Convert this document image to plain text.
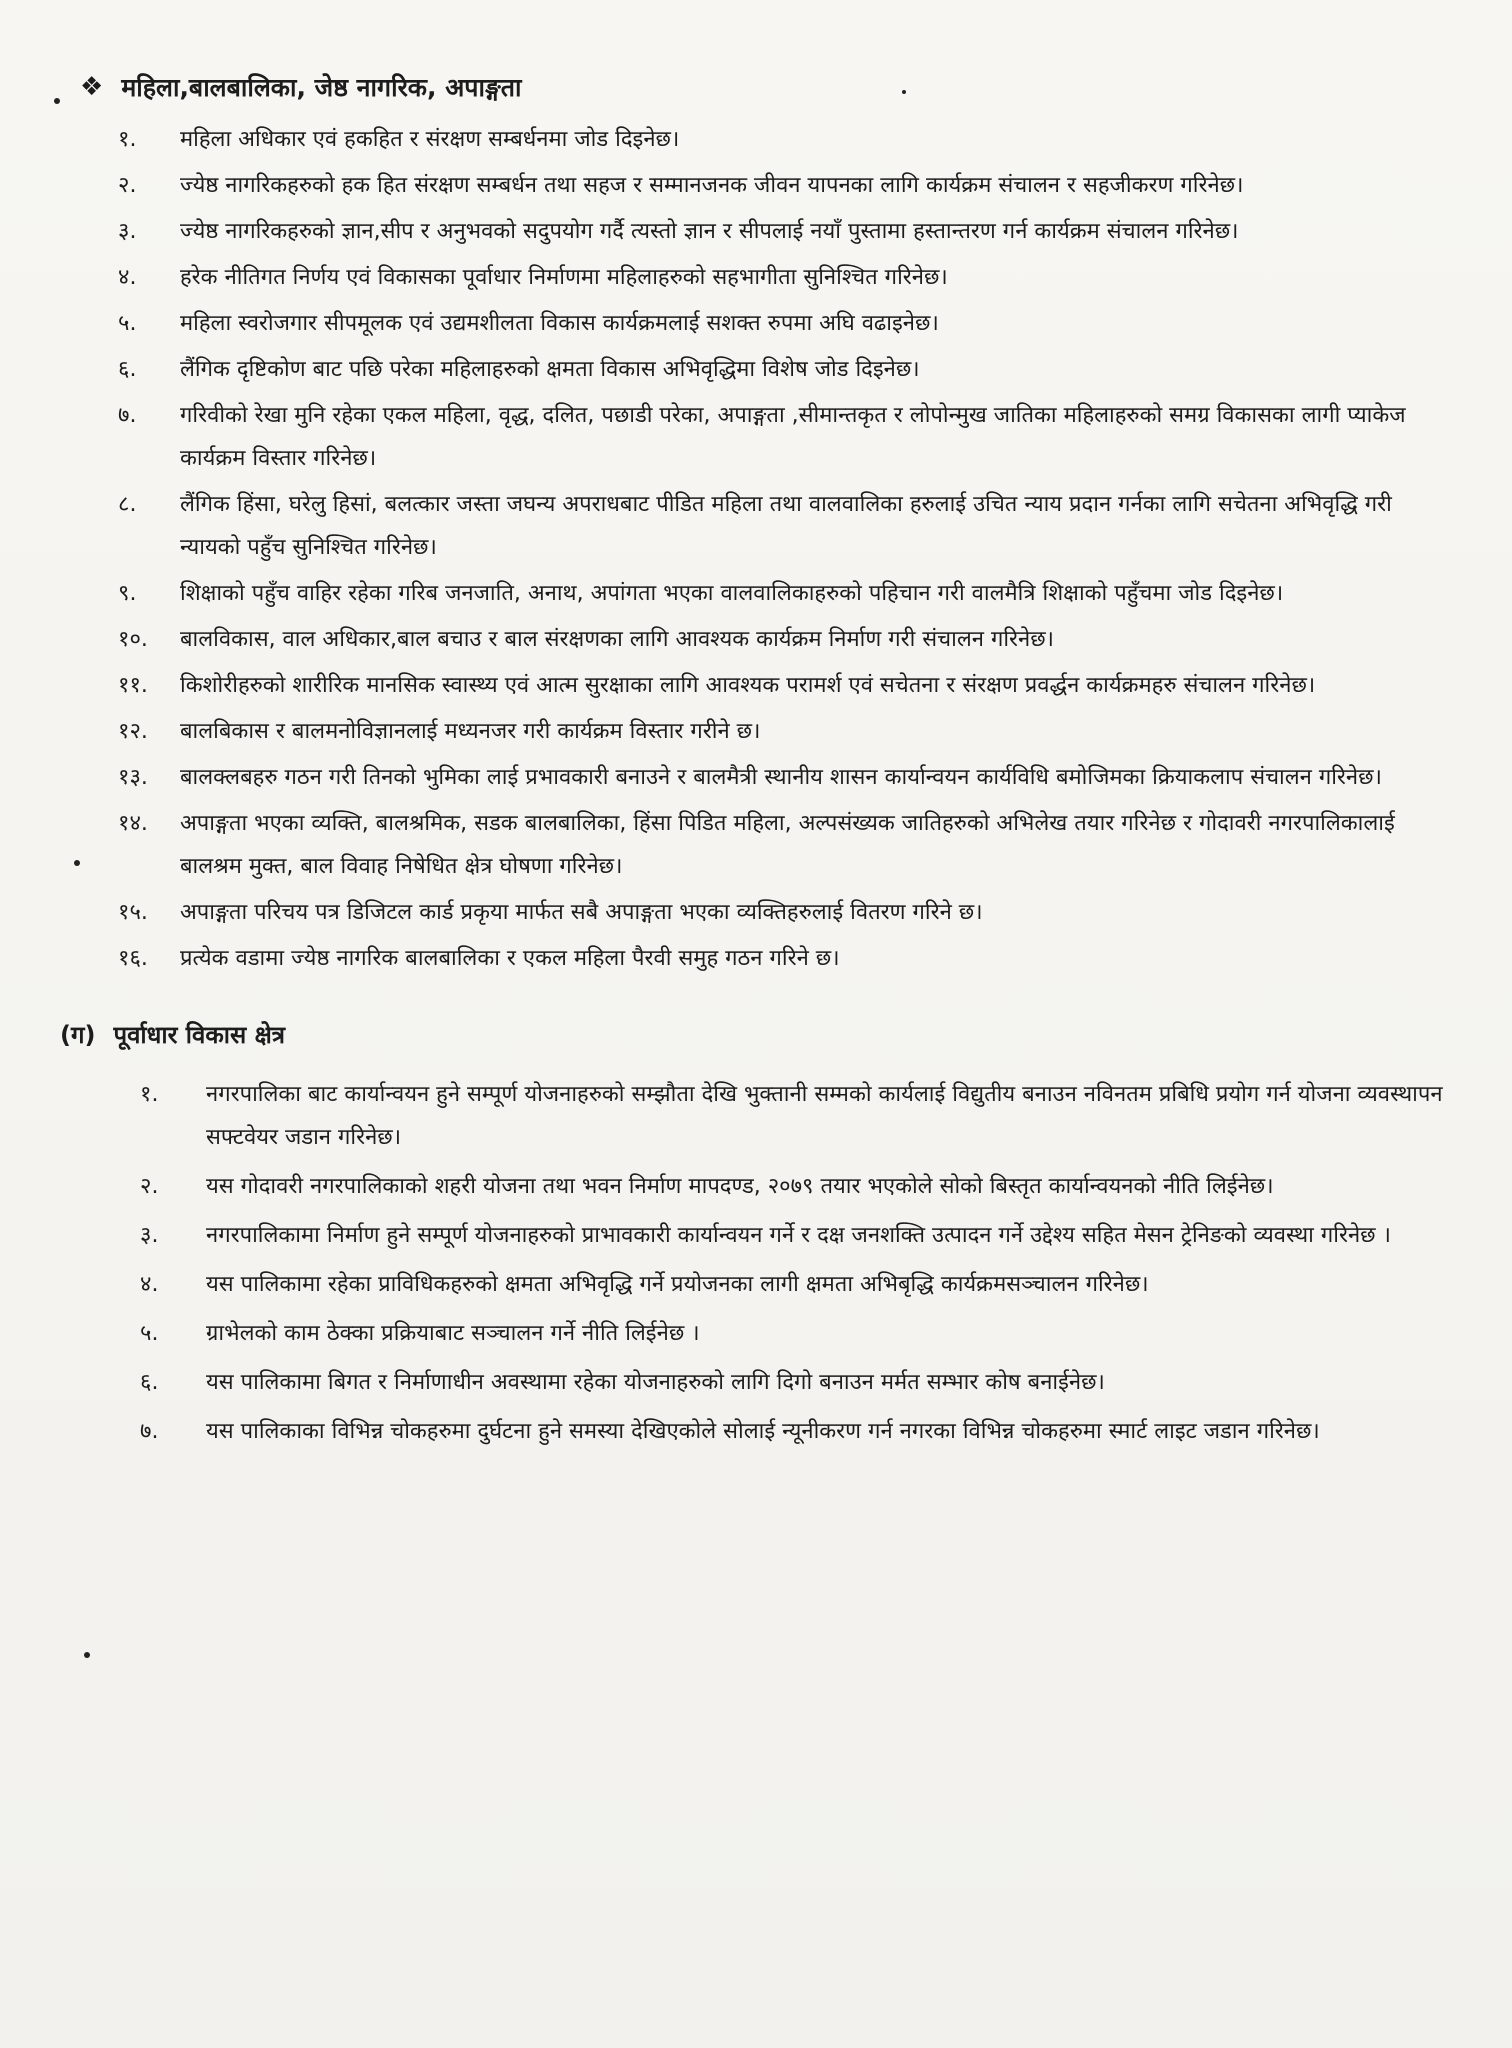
❖ महिला,बालबालिका, जेष्ठ नागरिक, अपाङ्गता
१.	महिला अधिकार एवं हकहित र संरक्षण सम्बर्धनमा जोड दिइनेछ।
२.	ज्येष्ठ नागरिकहरुको हक हित संरक्षण सम्बर्धन तथा सहज र सम्मानजनक जीवन यापनका लागि कार्यक्रम संचालन र सहजीकरण गरिनेछ।
३.	ज्येष्ठ नागरिकहरुको ज्ञान,सीप र अनुभवको सदुपयोग गर्दै त्यस्तो ज्ञान र सीपलाई नयाँ पुस्तामा हस्तान्तरण गर्न कार्यक्रम संचालन गरिनेछ।
४.	हरेक नीतिगत निर्णय एवं विकासका पूर्वाधार निर्माणमा महिलाहरुको सहभागीता सुनिश्चित गरिनेछ।
५.	महिला स्वरोजगार सीपमूलक एवं उद्यमशीलता विकास कार्यक्रमलाई सशक्त रुपमा अघि वढाइनेछ।
६.	लैंगिक दृष्टिकोण बाट पछि परेका महिलाहरुको क्षमता विकास अभिवृद्धिमा विशेष जोड दिइनेछ।
७.	गरिवीको रेखा मुनि रहेका एकल महिला, वृद्ध, दलित, पछाडी परेका, अपाङ्गता ,सीमान्तकृत र लोपोन्मुख जातिका महिलाहरुको समग्र विकासका लागी प्याकेज कार्यक्रम विस्तार गरिनेछ।
८.	लैंगिक हिंसा, घरेलु हिसां, बलत्कार जस्ता जघन्य अपराधबाट पीडित महिला तथा वालवालिका हरुलाई उचित न्याय प्रदान गर्नका लागि सचेतना अभिवृद्धि गरी न्यायको पहुँच सुनिश्चित गरिनेछ।
९.	शिक्षाको पहुँच वाहिर रहेका गरिब जनजाति, अनाथ, अपांगता भएका वालवालिकाहरुको पहिचान गरी वालमैत्रि शिक्षाको पहुँचमा जोड दिइनेछ।
१०.	बालविकास, वाल अधिकार,बाल बचाउ र बाल संरक्षणका लागि आवश्यक कार्यक्रम निर्माण गरी संचालन गरिनेछ।
११.	किशोरीहरुको शारीरिक मानसिक स्वास्थ्य एवं आत्म सुरक्षाका लागि आवश्यक परामर्श एवं सचेतना र संरक्षण प्रवर्द्धन कार्यक्रमहरु संचालन गरिनेछ।
१२.	बालबिकास र बालमनोविज्ञानलाई मध्यनजर गरी कार्यक्रम विस्तार गरीने छ।
१३.	बालक्लबहरु गठन गरी तिनको भुमिका लाई प्रभावकारी बनाउने र बालमैत्री स्थानीय शासन कार्यान्वयन कार्यविधि बमोजिमका क्रियाकलाप संचालन गरिनेछ।
१४.	अपाङ्गता भएका व्यक्ति, बालश्रमिक, सडक बालबालिका, हिंसा पिडित महिला, अल्पसंख्यक जातिहरुको अभिलेख तयार गरिनेछ र गोदावरी नगरपालिकालाई बालश्रम मुक्त, बाल विवाह निषेधित क्षेत्र घोषणा गरिनेछ।
१५.	अपाङ्गता परिचय पत्र डिजिटल कार्ड प्रकृया मार्फत सबै अपाङ्गता भएका व्यक्तिहरुलाई वितरण गरिने छ।
१६.	प्रत्येक वडामा ज्येष्ठ नागरिक बालबालिका र एकल महिला पैरवी समुह गठन गरिने छ।
(ग) पूर्वाधार विकास क्षेत्र
१.	नगरपालिका बाट कार्यान्वयन हुने सम्पूर्ण योजनाहरुको सम्झौता देखि भुक्तानी सम्मको कार्यलाई विद्युतीय बनाउन नविनतम प्रबिधि प्रयोग गर्न योजना व्यवस्थापन सफ्टवेयर जडान गरिनेछ।
२.	यस गोदावरी नगरपालिकाको शहरी योजना तथा भवन निर्माण मापदण्ड, २०७९ तयार भएकोले सोको बिस्तृत कार्यान्वयनको नीति लिईनेछ।
३.	नगरपालिकामा निर्माण हुने सम्पूर्ण योजनाहरुको प्राभावकारी कार्यान्वयन गर्ने र दक्ष जनशक्ति उत्पादन गर्ने उद्देश्य सहित मेसन ट्रेनिङको व्यवस्था गरिनेछ ।
४.	यस पालिकामा रहेका प्राविधिकहरुको क्षमता अभिवृद्धि गर्ने प्रयोजनका लागी क्षमता अभिबृद्धि कार्यक्रमसञ्चालन गरिनेछ।
५.	ग्राभेलको काम ठेक्का प्रक्रियाबाट सञ्चालन गर्ने नीति लिईनेछ ।
६.	यस पालिकामा बिगत र निर्माणाधीन अवस्थामा रहेका योजनाहरुको लागि दिगो बनाउन मर्मत सम्भार कोष बनाईनेछ।
७.	यस पालिकाका विभिन्न चोकहरुमा दुर्घटना हुने समस्या देखिएकोले सोलाई न्यूनीकरण गर्न नगरका विभिन्न चोकहरुमा स्मार्ट लाइट जडान गरिनेछ।
